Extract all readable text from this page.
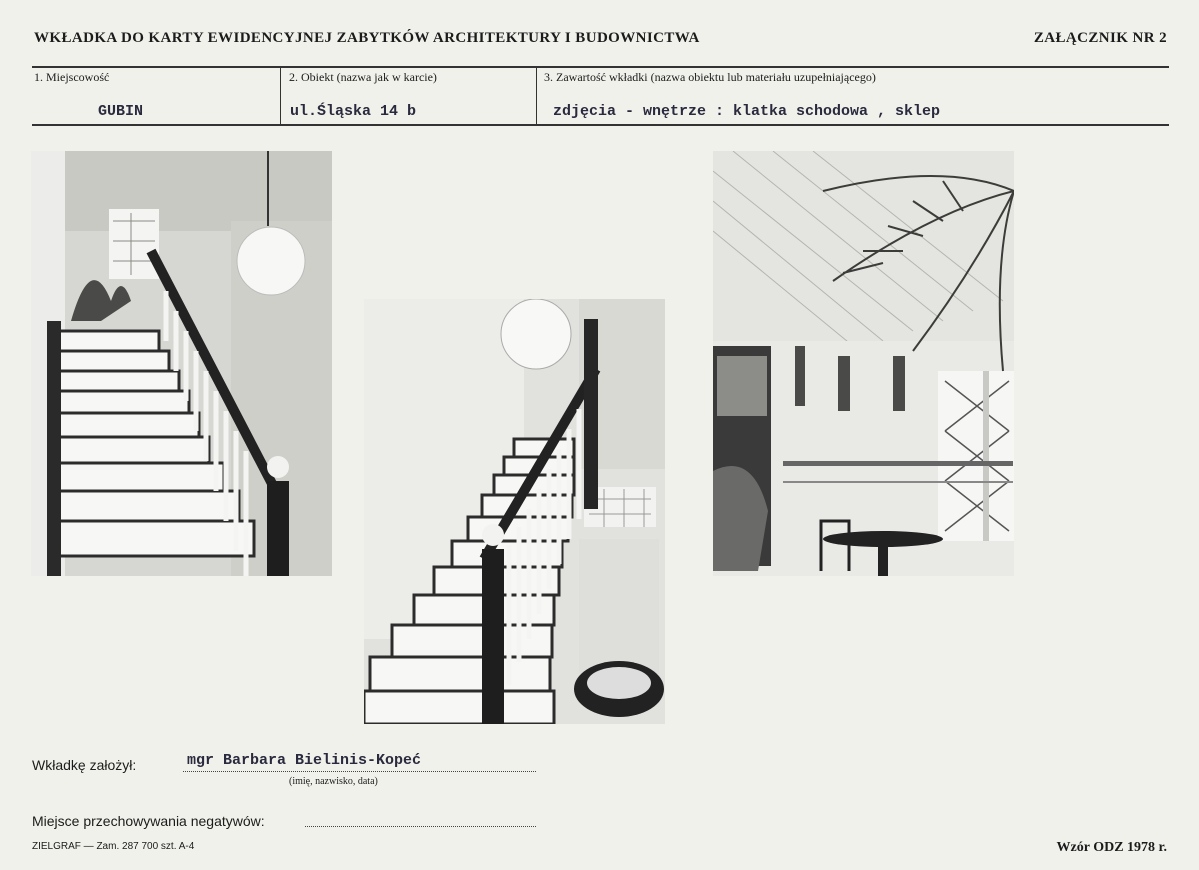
WKŁADKA DO KARTY EWIDENCYJNEJ ZABYTKÓW ARCHITEKTURY I BUDOWNICTWA	ZAŁĄCZNIK NR 2
1. Miejscowość
GUBIN
2. Obiekt (nazwa jak w karcie)
ul.Śląska 14 b
3. Zawartość wkładki (nazwa obiektu lub materiału uzupełniającego)
zdjęcia - wnętrze : klatka schodowa , sklep
Wkładkę założył:	mgr Barbara Bielinis-Kopeć
(imię, nazwisko, data)
Miejsce przechowywania negatywów:
ZIELGRAF — Zam. 287 700 szt. A-4	Wzór ODZ 1978 r.
